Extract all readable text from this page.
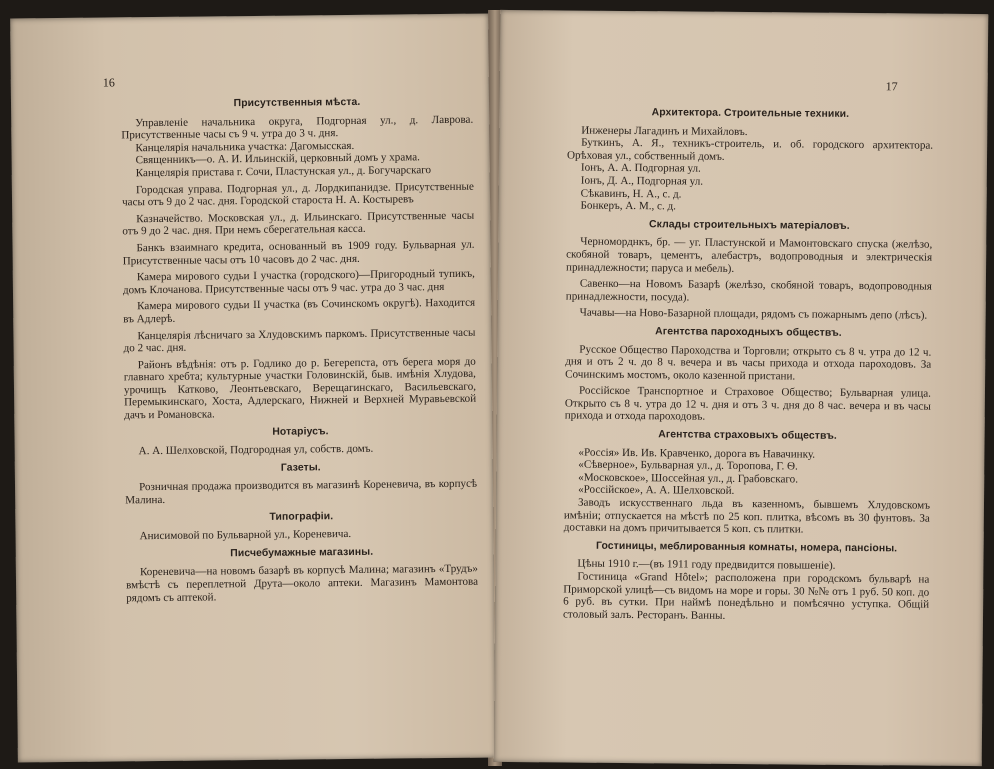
16
Присутственныя мѣста.

Управленіе начальника округа, Подгорная ул., д. Лаврова. Присутственные часы съ 9 ч. утра до 3 ч. дня.

Канцелярія начальника участка: Дагомысская.

Священникъ—о. А. И. Ильинскій, церковный домъ у храма.

Канцелярія пристава г. Сочи, Пластунская ул., д. Богучарскаго

Городская управа. Подгорная ул., д. Лордкипанидзе. Присутственные часы отъ 9 до 2 час. дня. Городской староста Н. А. Костыревъ

Казначейство. Московская ул., д. Ильинскаго. Присутственные часы отъ 9 до 2 час. дня. При немъ сберегательная касса.

Банкъ взаимнаго кредита, основанный въ 1909 году. Бульварная ул. Присутственные часы отъ 10 часовъ до 2 час. дня.

Камера мирового судьи I участка (городского)—Пригородный тупикъ, домъ Клочанова. Присутственные часы отъ 9 час. утра до 3 час. дня

Камера мирового судьи II участка (въ Сочинскомъ округѣ). Находится въ Адлерѣ.

Канцелярія лѣсничаго за Хлудовскимъ паркомъ. Присутственные часы до 2 час. дня.

Районъ вѣдѣнія: отъ р. Годлико до р. Бегерепста, отъ берега моря до главнаго хребта; культурные участки Головинскій, быв. имѣнія Хлудова, урочищъ Катково, Леонтьевскаго, Верещагинскаго, Васильевскаго, Перемыкинскаго, Хоста, Адлерскаго, Нижней и Верхней Муравьевской дачъ и Романовска.

Нотаріусъ.

А. А. Шелховской, Подгородная ул, собств. домъ.

Газеты.

Розничная продажа производится въ магазинѣ Кореневича, въ корпусѣ Малина.

Типографіи.

Анисимовой по Бульварной ул., Кореневича.

Писчебумажные магазины.

Кореневича—на новомъ базарѣ въ корпусѣ Малина; магазинъ «Трудъ» вмѣстѣ съ переплетной Друта—около аптеки. Магазинъ Мамонтова рядомъ съ аптекой.

17
Архитектора. Строительные техники.

Инженеры Лагадинъ и Михайловъ.

Буткинъ, А. Я., техникъ-строитель, и. об. городского архитектора. Орѣховая ул., собственный домъ.

Іонъ, А. А. Подгорная ул.

Іонъ, Д. А., Подгорная ул.

Сѣкавинъ, Н. А., с. д.

Бонкеръ, А. М., с. д.

Склады строительныхъ матеріаловъ.

Черноморднкъ, бр. — уг. Пластунской и Мамонтовскаго спуска (желѣзо, скобяной товаръ, цементъ, алебастръ, водопроводныя и электрическія принадлежности; паруса и мебель).

Савенко—на Новомъ Базарѣ (желѣзо, скобяной товаръ, водопроводныя принадлежности, посуда).

Чачавы—на Ново-Базарной площади, рядомъ съ пожарнымъ депо (лѣсъ).

Агентства пароходныхъ обществъ.

Русское Общество Пароходства и Торговли; открыто съ 8 ч. утра до 12 ч. дня и отъ 2 ч. до 8 ч. вечера и въ часы прихода и отхода пароходовъ. За Сочинскимъ мостомъ, около казенной пристани.

Россійское Транспортное и Страховое Общество; Бульварная улица. Открыто съ 8 ч. утра до 12 ч. дня и отъ 3 ч. дня до 8 час. вечера и въ часы прихода и отхода пароходовъ.

Агентства страховыхъ обществъ.

«Россія» Ив. Ив. Кравченко, дорога въ Навачинку.

«Сѣверное», Бульварная ул., д. Торопова, Г. Ѳ.

«Московское», Шоссейная ул., д. Грабовскаго.

«Россійское», А. А. Шелховской.

Заводъ искусственнаго льда въ казенномъ, бывшемъ Хлудовскомъ имѣніи; отпускается на мѣстѣ по 25 коп. плитка, вѣсомъ въ 30 фунтовъ. За доставки на домъ причитывается 5 коп. съ плитки.

Гостиницы, меблированныя комнаты, номера, пансіоны.

Цѣны 1910 г.—(въ 1911 году предвидится повышеніе).

Гостиница «Grand Hôtel»; расположена при городскомъ бульварѣ на Приморской улицѣ—съ видомъ на море и горы. 30 №№ отъ 1 руб. 50 коп. до 6 руб. въ сутки. При наймѣ понедѣльно и помѣсячно уступка. Общій столовый залъ. Ресторанъ. Ванны.
